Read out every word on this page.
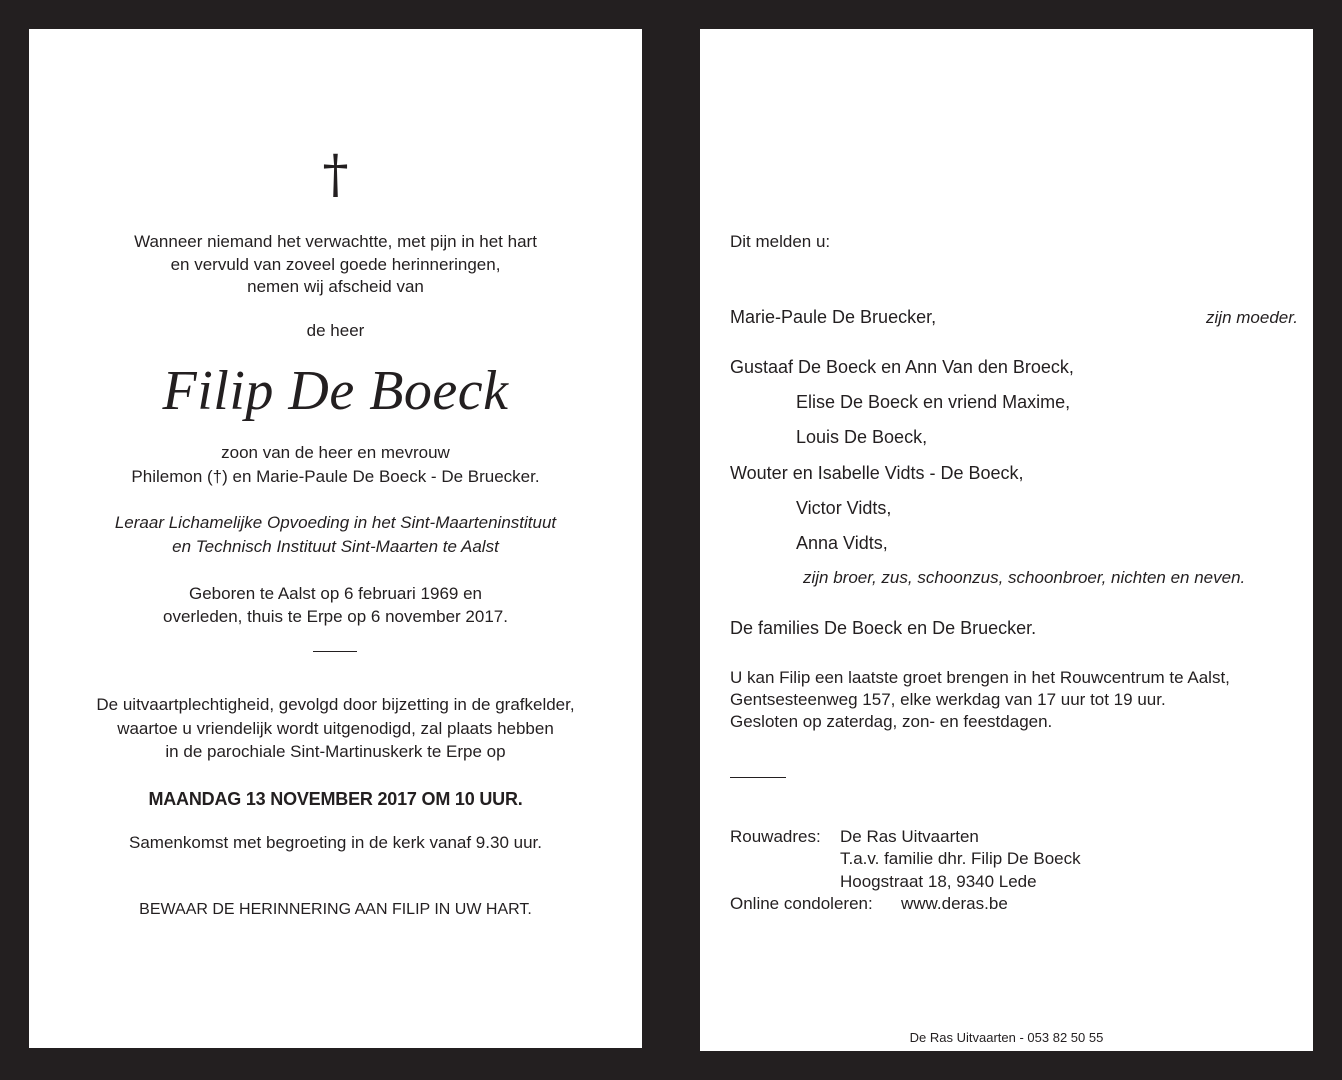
†
Wanneer niemand het verwachtte, met pijn in het hart
en vervuld van zoveel goede herinneringen,
nemen wij afscheid van
de heer
Filip De Boeck
zoon van de heer en mevrouw
Philemon (†) en Marie-Paule De Boeck - De Bruecker.
Leraar Lichamelijke Opvoeding in het Sint-Maarteninstituut
en Technisch Instituut Sint-Maarten te Aalst
Geboren te Aalst op 6 februari 1969 en
overleden, thuis te Erpe op 6 november 2017.
De uitvaartplechtigheid, gevolgd door bijzetting in de grafkelder,
waartoe u vriendelijk wordt uitgenodigd, zal plaats hebben
in de parochiale Sint-Martinuskerk te Erpe op
MAANDAG 13 NOVEMBER 2017 OM 10 UUR.
Samenkomst met begroeting in de kerk vanaf 9.30 uur.
BEWAAR DE HERINNERING AAN FILIP IN UW HART.
Dit melden u:
Marie-Paule De Bruecker,	zijn moeder.
Gustaaf De Boeck en Ann Van den Broeck,
Elise De Boeck en vriend Maxime,
Louis De Boeck,
Wouter en Isabelle Vidts - De Boeck,
Victor Vidts,
Anna Vidts,
zijn broer, zus, schoonzus, schoonbroer, nichten en neven.
De families De Boeck en De Bruecker.
U kan Filip een laatste groet brengen in het Rouwcentrum te Aalst,
Gentsesteenweg 157, elke werkdag van 17 uur tot 19 uur.
Gesloten op zaterdag, zon- en feestdagen.
Rouwadres: De Ras Uitvaarten
T.a.v. familie dhr. Filip De Boeck
Hoogstraat 18, 9340 Lede
Online condoleren: www.deras.be
De Ras Uitvaarten - 053 82 50 55
